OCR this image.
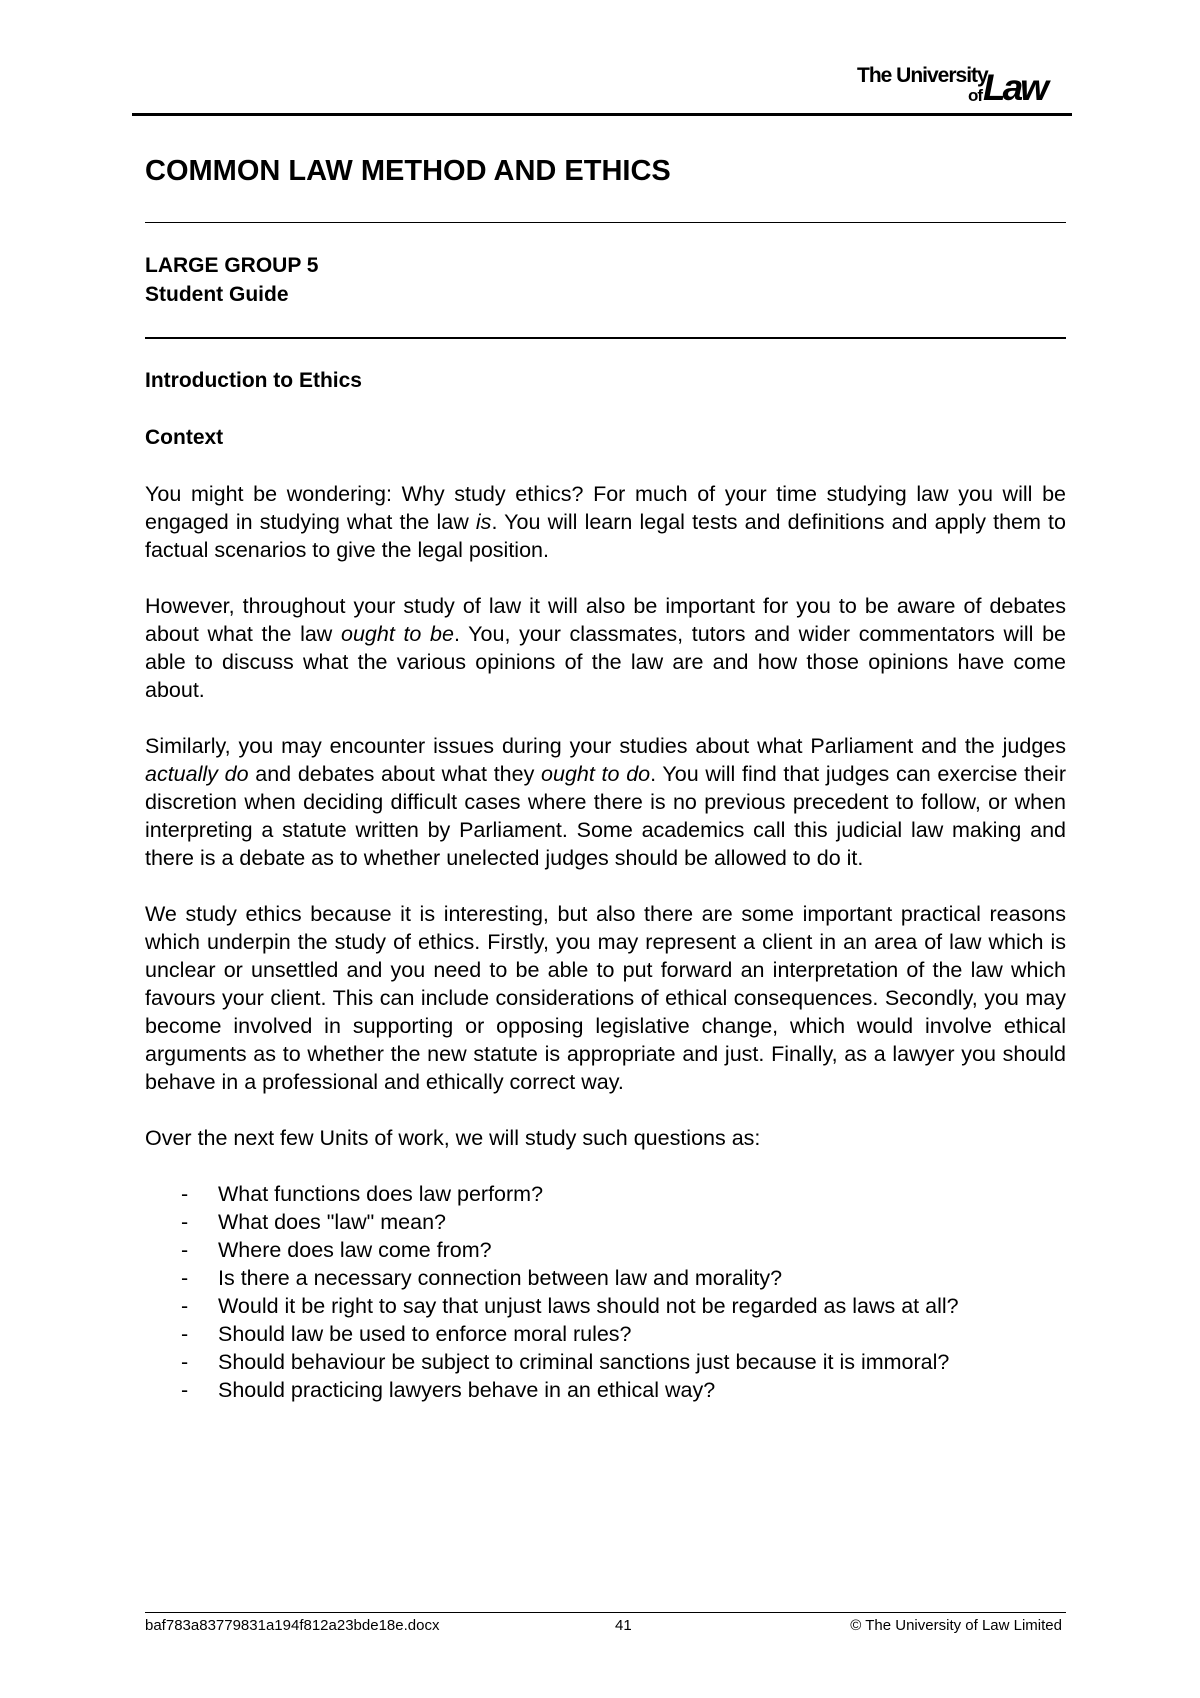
The University
of Law
COMMON LAW METHOD AND ETHICS
LARGE GROUP 5
Student Guide
Introduction to Ethics
Context

You might be wondering: Why study ethics? For much of your time studying law you will be engaged in studying what the law is. You will learn legal tests and definitions and apply them to factual scenarios to give the legal position.

However, throughout your study of law it will also be important for you to be aware of debates about what the law ought to be. You, your classmates, tutors and wider commentators will be able to discuss what the various opinions of the law are and how those opinions have come about.

Similarly, you may encounter issues during your studies about what Parliament and the judges actually do and debates about what they ought to do. You will find that judges can exercise their discretion when deciding difficult cases where there is no previous precedent to follow, or when interpreting a statute written by Parliament. Some academics call this judicial law making and there is a debate as to whether unelected judges should be allowed to do it.

We study ethics because it is interesting, but also there are some important practical reasons which underpin the study of ethics. Firstly, you may represent a client in an area of law which is unclear or unsettled and you need to be able to put forward an interpretation of the law which favours your client. This can include considerations of ethical consequences. Secondly, you may become involved in supporting or opposing legislative change, which would involve ethical arguments as to whether the new statute is appropriate and just. Finally, as a lawyer you should behave in a professional and ethically correct way.

Over the next few Units of work, we will study such questions as:

- What functions does law perform?
- What does "law" mean?
- Where does law come from?
- Is there a necessary connection between law and morality?
- Would it be right to say that unjust laws should not be regarded as laws at all?
- Should law be used to enforce moral rules?
- Should behaviour be subject to criminal sanctions just because it is immoral?
- Should practicing lawyers behave in an ethical way?
baf783a83779831a194f812a23bde18e.docx	41	© The University of Law Limited
